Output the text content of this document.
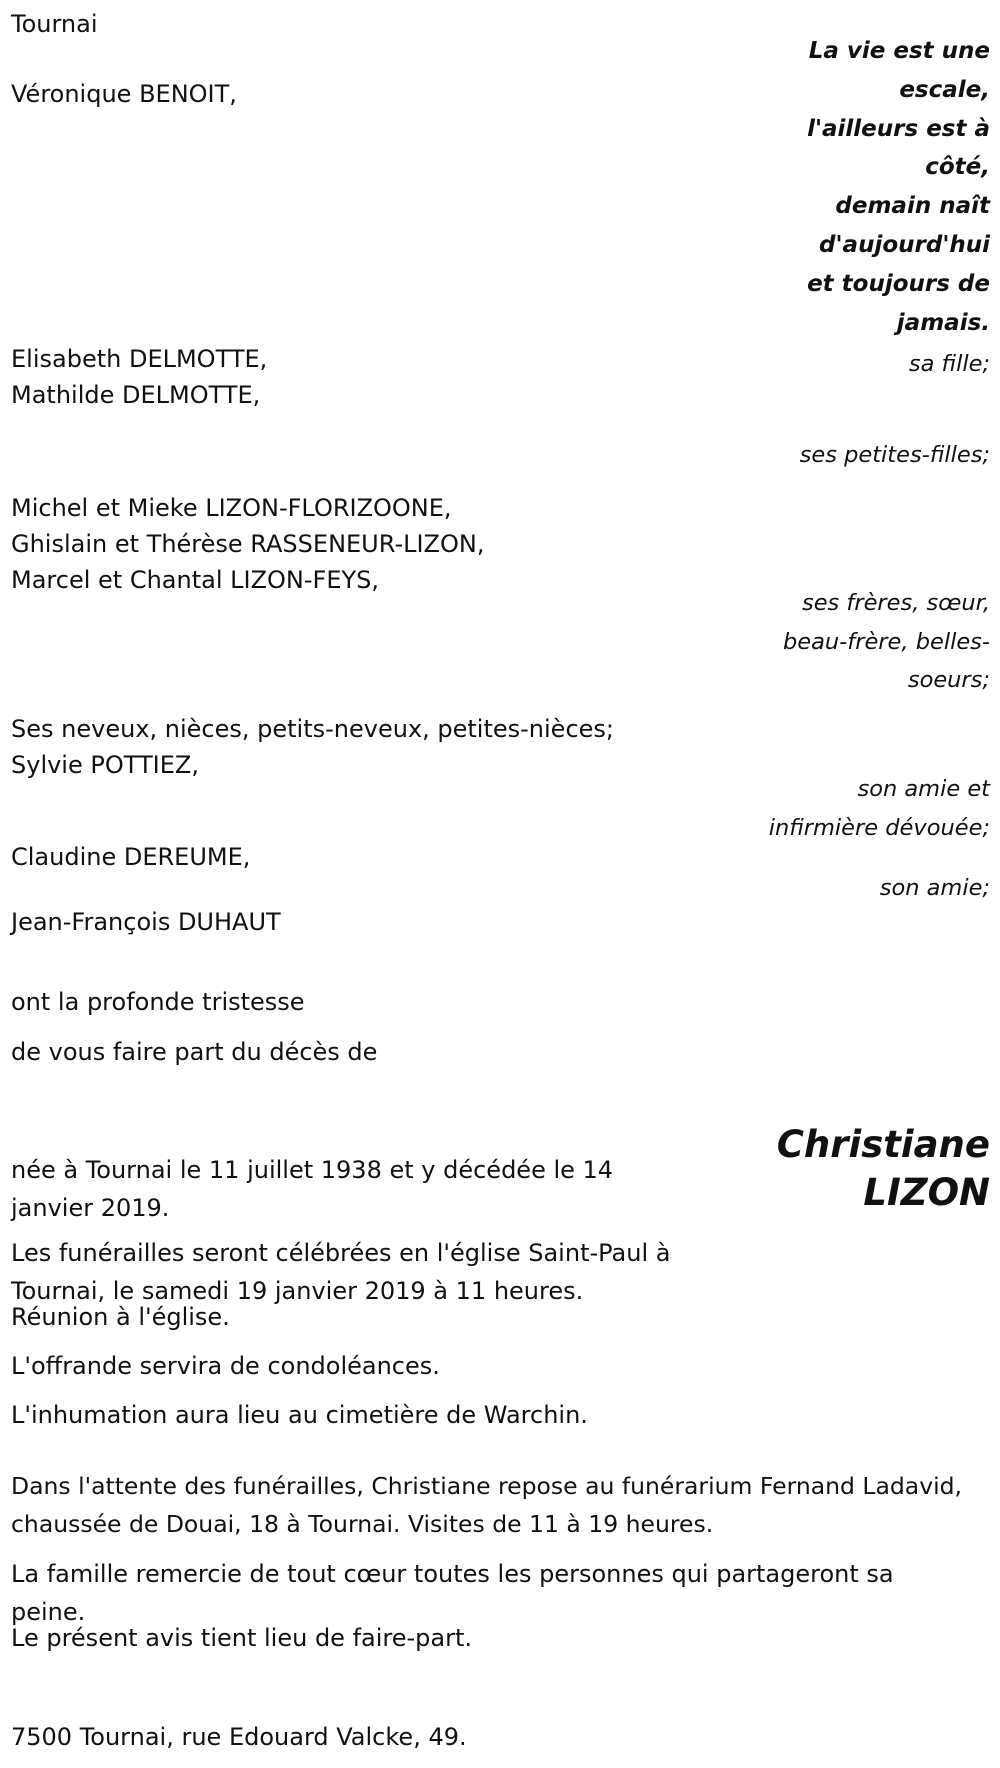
Tournai

La vie est une
escale,
l'ailleurs est à
côté,
demain naît
d'aujourd'hui
et toujours de
jamais.

Véronique BENOIT,

sa fille;

Elisabeth DELMOTTE,

Mathilde DELMOTTE,

ses petites-filles;

Michel et Mieke LIZON-FLORIZOONE,

Ghislain et Thérèse RASSENEUR-LIZON,

Marcel et Chantal LIZON-FEYS,

ses frères, sœur,
beau-frère, belles-
soeurs;

Ses neveux, nièces, petits-neveux, petites-nièces;

Sylvie POTTIEZ,

son amie et
infirmière dévouée;

Claudine DEREUME,

son amie;

Jean-François DUHAUT

ont la profonde tristesse

de vous faire part du décès de

Christiane
LIZON

née à Tournai le 11 juillet 1938 et y décédée le 14 janvier 2019.

Les funérailles seront célébrées en l'église Saint-Paul à Tournai, le samedi 19 janvier 2019 à 11 heures.

Réunion à l'église.

L'offrande servira de condoléances.

L'inhumation aura lieu au cimetière de Warchin.

Dans l'attente des funérailles, Christiane repose au funérarium Fernand Ladavid, chaussée de Douai, 18 à Tournai. Visites de 11 à 19 heures.

La famille remercie de tout cœur toutes les personnes qui partageront sa peine.

Le présent avis tient lieu de faire-part.

7500 Tournai, rue Edouard Valcke, 49.
